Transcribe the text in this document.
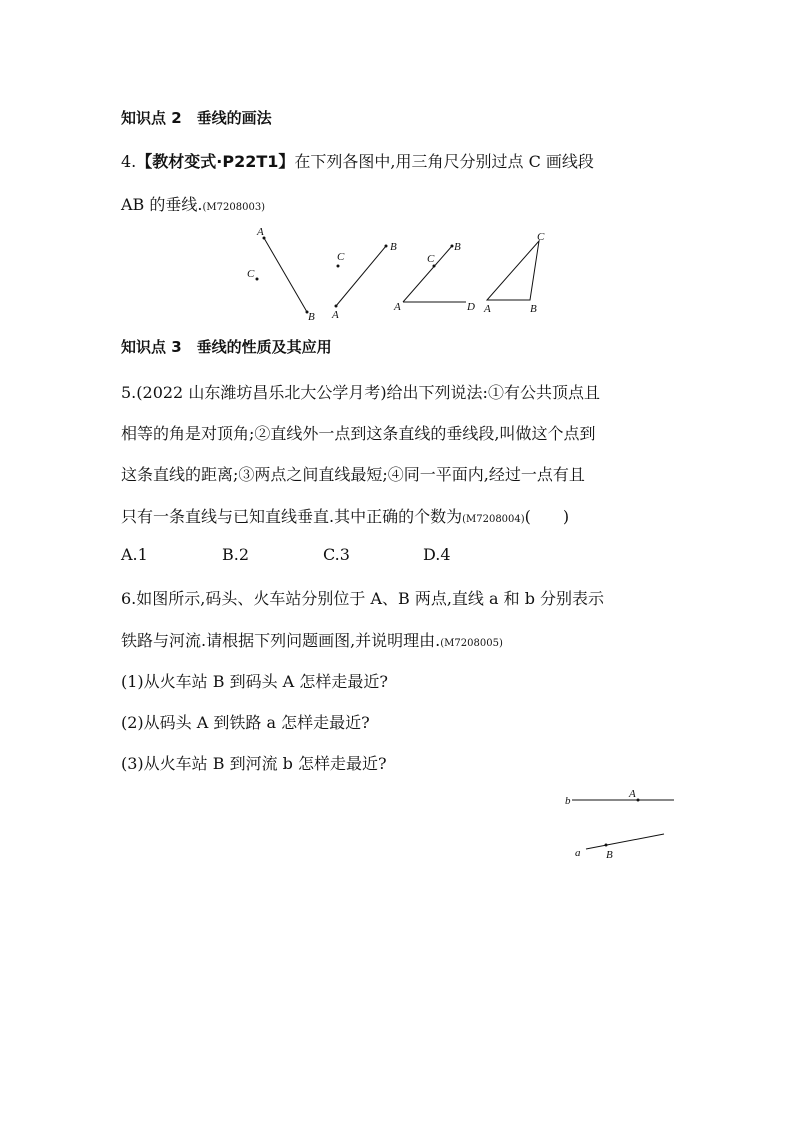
知识点 2　垂线的画法
4.【教材变式·P22T1】在下列各图中,用三角尺分别过点 C 画线段
AB 的垂线.(M7208003)
A
B
C
C
B
A
C
B
A	D
C
A	B
知识点 3　垂线的性质及其应用
5.(2022 山东潍坊昌乐北大公学月考)给出下列说法:①有公共顶点且
相等的角是对顶角;②直线外一点到这条直线的垂线段,叫做这个点到
这条直线的距离;③两点之间直线最短;④同一平面内,经过一点有且
只有一条直线与已知直线垂直.其中正确的个数为(M7208004)(　　)
A.1	B.2	C.3	D.4
6.如图所示,码头、火车站分别位于 A、B 两点,直线 a 和 b 分别表示
铁路与河流.请根据下列问题画图,并说明理由.(M7208005)
(1)从火车站 B 到码头 A 怎样走最近?
(2)从码头 A 到铁路 a 怎样走最近?
(3)从火车站 B 到河流 b 怎样走最近?
b
A
a B
